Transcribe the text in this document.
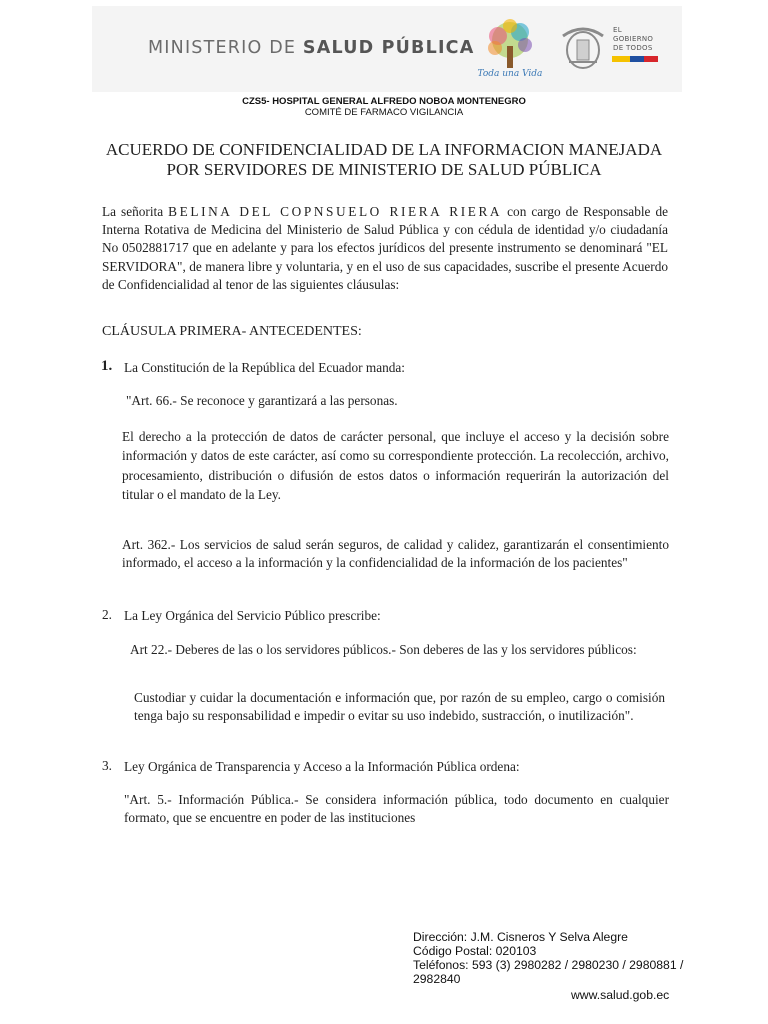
MINISTERIO DE SALUD PÚBLICA
Toda una Vida
EL
GOBIERNO
DE TODOS
CZS5- HOSPITAL GENERAL ALFREDO NOBOA MONTENEGRO
COMITÉ DE FARMACO VIGILANCIA
ACUERDO DE CONFIDENCIALIDAD DE LA INFORMACION MANEJADA
POR SERVIDORES DE MINISTERIO DE SALUD PÚBLICA
La señorita BELINA DEL COPNSUELO RIERA RIERA con cargo de Responsable de Interna Rotativa de Medicina del Ministerio de Salud Pública y con cédula de identidad y/o ciudadanía No 0502881717 que en adelante y para los efectos jurídicos del presente instrumento se denominará "EL SERVIDORA", de manera libre y voluntaria, y en el uso de sus capacidades, suscribe el presente Acuerdo de Confidencialidad al tenor de las siguientes cláusulas:
CLÁUSULA PRIMERA- ANTECEDENTES:
1. La Constitución de la República del Ecuador manda:
"Art. 66.- Se reconoce y garantizará a las personas.
El derecho a la protección de datos de carácter personal, que incluye el acceso y la decisión sobre información y datos de este carácter, así como su correspondiente protección. La recolección, archivo, procesamiento, distribución o difusión de estos datos o información requerirán la autorización del titular o el mandato de la Ley.
Art. 362.- Los servicios de salud serán seguros, de calidad y calidez, garantizarán el consentimiento informado, el acceso a la información y la confidencialidad de la información de los pacientes"
2. La Ley Orgánica del Servicio Público prescribe:
Art 22.- Deberes de las o los servidores públicos.- Son deberes de las y los servidores públicos:
Custodiar y cuidar la documentación e información que, por razón de su empleo, cargo o comisión tenga bajo su responsabilidad e impedir o evitar su uso indebido, sustracción, o inutilización".
3. Ley Orgánica de Transparencia y Acceso a la Información Pública ordena:
"Art. 5.- Información Pública.- Se considera información pública, todo documento en cualquier formato, que se encuentre en poder de las instituciones
Dirección: J.M. Cisneros Y Selva Alegre
Código Postal: 020103
Teléfonos: 593 (3) 2980282 / 2980230 / 2980881 / 2982840
www.salud.gob.ec
